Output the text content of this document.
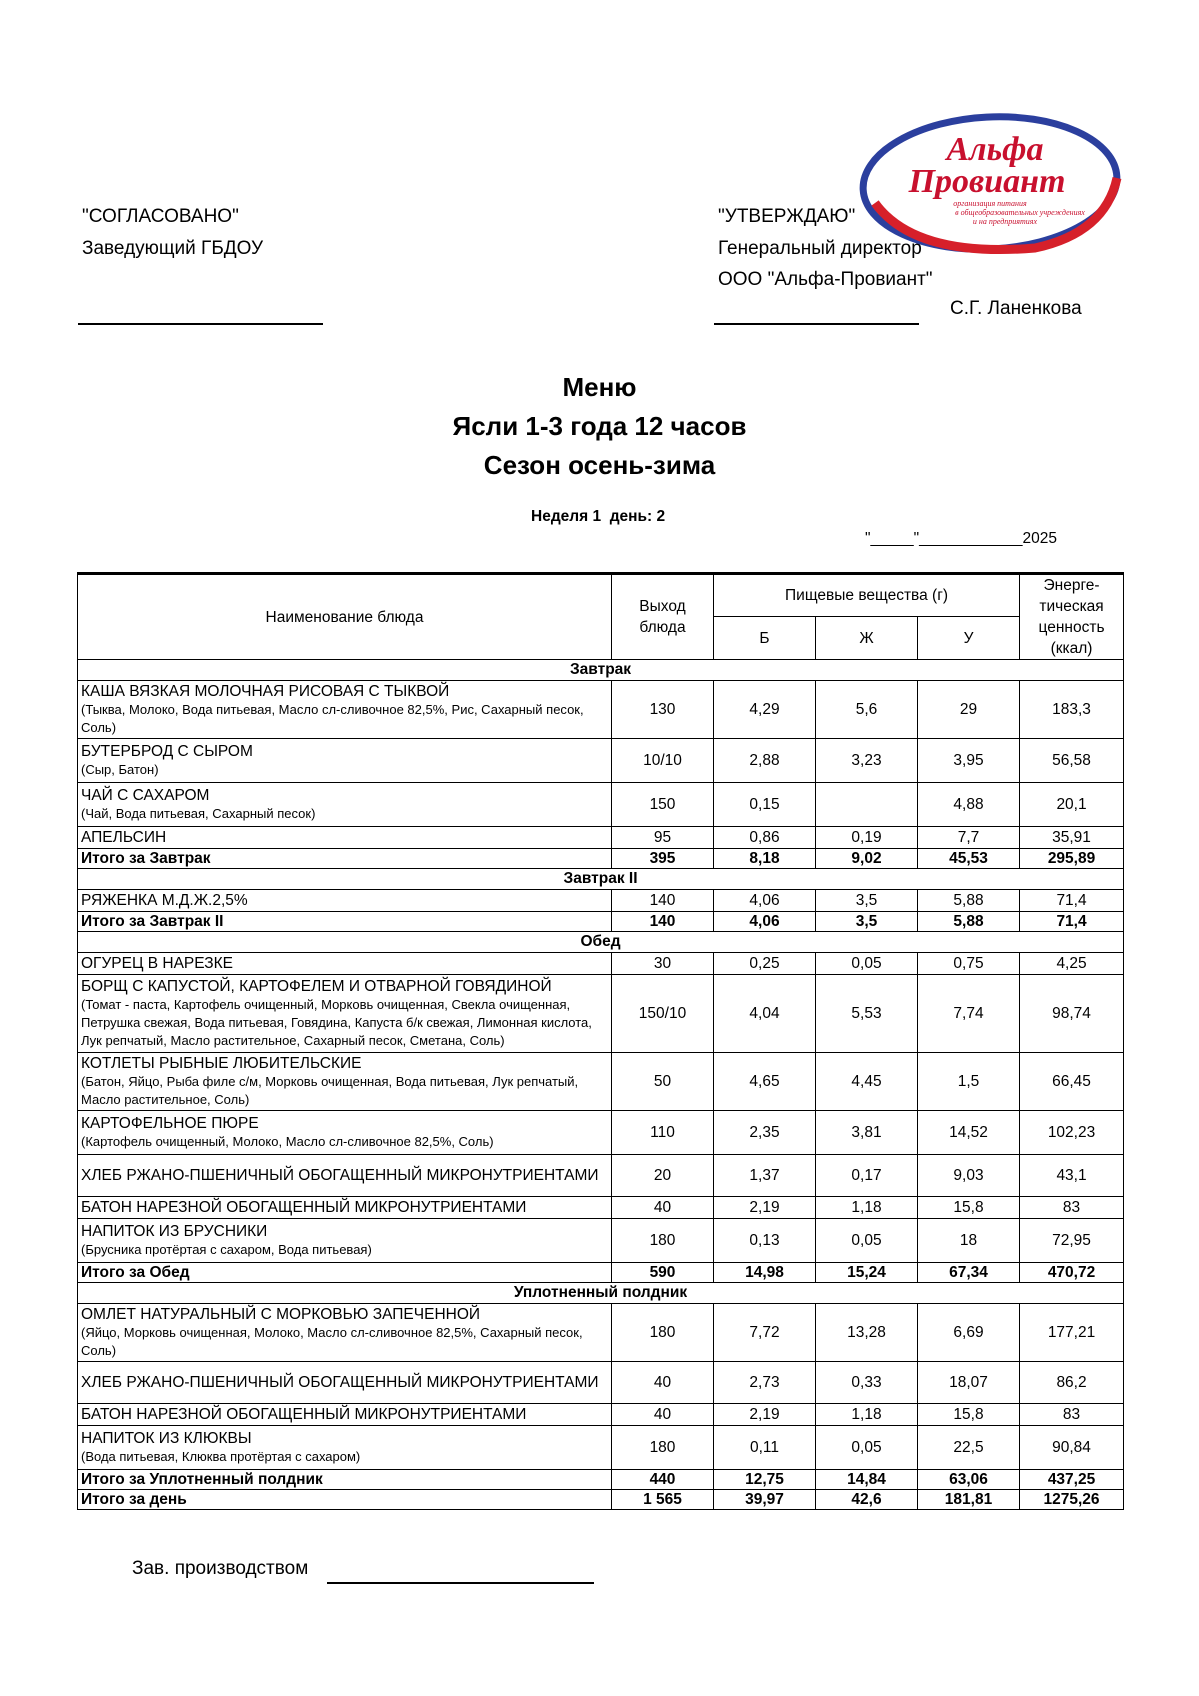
"СОГЛАСОВАНО"
Заведующий ГБДОУ
"УТВЕРЖДАЮ"
Генеральный директор
ООО "Альфа-Провиант"
С.Г. Ланенкова
Альфа
Провиант
организация питания
в общеобразовательных учреждениях
и на предприятиях
Меню
Ясли 1-3 года 12 часов
Сезон осень-зима
Неделя 1  день: 2
"_____"____________2025
Наименование блюда	Выход блюда	Пищевые вещества (г)			Энерге-тическая ценность (ккал)
		Б	Ж	У	
Завтрак					
КАША ВЯЗКАЯ МОЛОЧНАЯ РИСОВАЯ С ТЫКВОЙ
(Тыква, Молоко, Вода питьевая, Масло сл-сливочное 82,5%, Рис, Сахарный песок, Соль)	130	4,29	5,6	29	183,3
БУТЕРБРОД С СЫРОМ
(Сыр, Батон)	10/10	2,88	3,23	3,95	56,58
ЧАЙ С САХАРОМ
(Чай, Вода питьевая, Сахарный песок)	150	0,15		4,88	20,1
АПЕЛЬСИН	95	0,86	0,19	7,7	35,91
Итого за Завтрак	395	8,18	9,02	45,53	295,89
Завтрак II					
РЯЖЕНКА М.Д.Ж.2,5%	140	4,06	3,5	5,88	71,4
Итого за Завтрак II	140	4,06	3,5	5,88	71,4
Обед					
ОГУРЕЦ В НАРЕЗКЕ	30	0,25	0,05	0,75	4,25
БОРЩ С КАПУСТОЙ, КАРТОФЕЛЕМ И ОТВАРНОЙ ГОВЯДИНОЙ
(Томат - паста, Картофель очищенный, Морковь очищенная, Свекла очищенная, Петрушка свежая, Вода питьевая, Говядина, Капуста б/к свежая, Лимонная кислота, Лук репчатый, Масло растительное, Сахарный песок, Сметана, Соль)	150/10	4,04	5,53	7,74	98,74
КОТЛЕТЫ РЫБНЫЕ ЛЮБИТЕЛЬСКИЕ
(Батон, Яйцо, Рыба филе с/м, Морковь очищенная, Вода питьевая, Лук репчатый, Масло растительное, Соль)	50	4,65	4,45	1,5	66,45
КАРТОФЕЛЬНОЕ ПЮРЕ
(Картофель очищенный, Молоко, Масло сл-сливочное 82,5%, Соль)	110	2,35	3,81	14,52	102,23
ХЛЕБ РЖАНО-ПШЕНИЧНЫЙ ОБОГАЩЕННЫЙ МИКРОНУТРИЕНТАМИ	20	1,37	0,17	9,03	43,1
БАТОН НАРЕЗНОЙ ОБОГАЩЕННЫЙ МИКРОНУТРИЕНТАМИ	40	2,19	1,18	15,8	83
НАПИТОК ИЗ БРУСНИКИ
(Брусника протёртая с сахаром, Вода питьевая)	180	0,13	0,05	18	72,95
Итого за Обед	590	14,98	15,24	67,34	470,72
Уплотненный полдник					
ОМЛЕТ НАТУРАЛЬНЫЙ С МОРКОВЬЮ ЗАПЕЧЕННОЙ
(Яйцо, Морковь очищенная, Молоко, Масло сл-сливочное 82,5%, Сахарный песок, Соль)	180	7,72	13,28	6,69	177,21
ХЛЕБ РЖАНО-ПШЕНИЧНЫЙ ОБОГАЩЕННЫЙ МИКРОНУТРИЕНТАМИ	40	2,73	0,33	18,07	86,2
БАТОН НАРЕЗНОЙ ОБОГАЩЕННЫЙ МИКРОНУТРИЕНТАМИ	40	2,19	1,18	15,8	83
НАПИТОК ИЗ КЛЮКВЫ
(Вода питьевая, Клюква протёртая с сахаром)	180	0,11	0,05	22,5	90,84
Итого за Уплотненный полдник	440	12,75	14,84	63,06	437,25
Итого за день	1 565	39,97	42,6	181,81	1275,26
Зав. производством
